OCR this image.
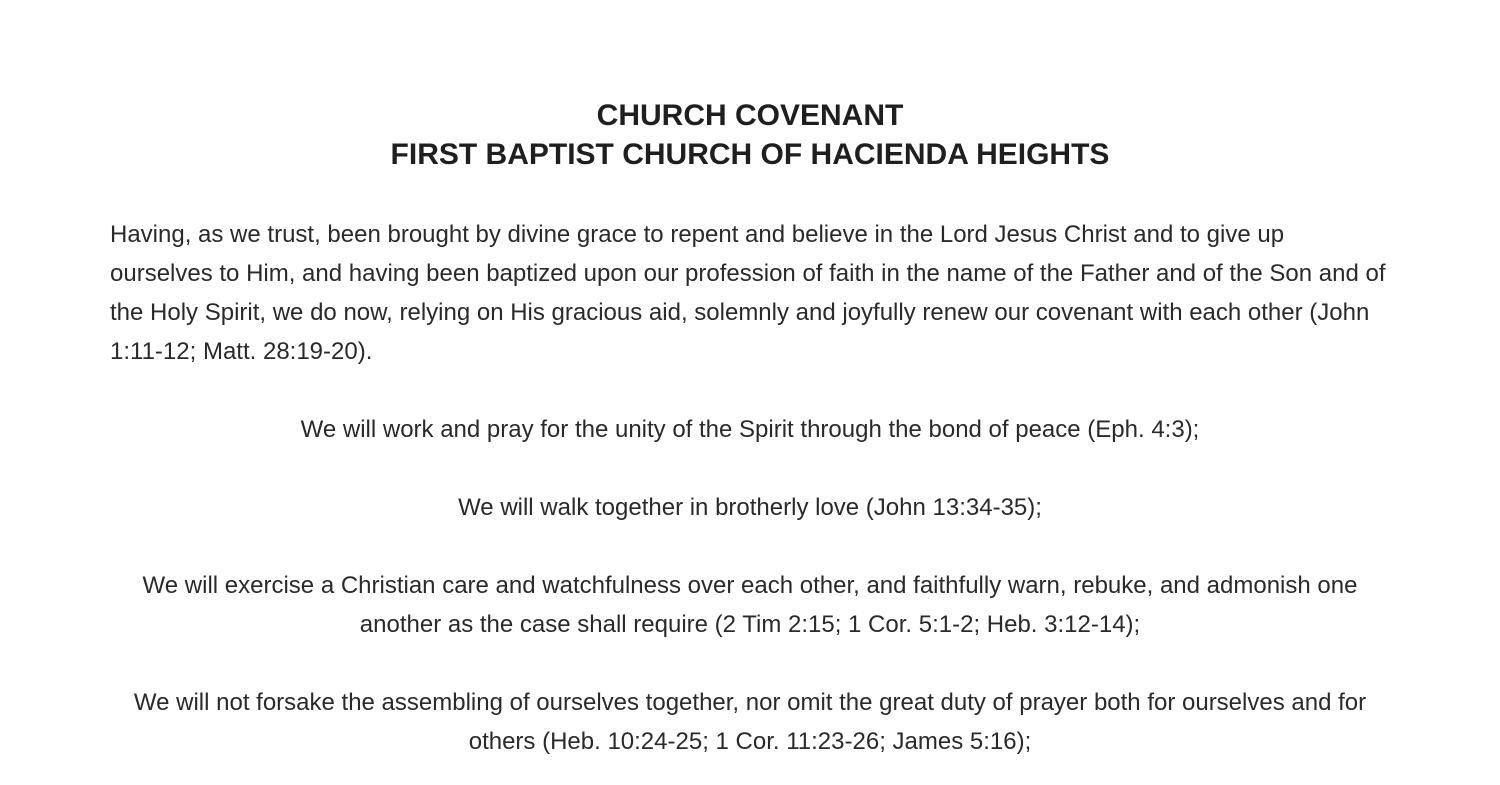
CHURCH COVENANT
FIRST BAPTIST CHURCH OF HACIENDA HEIGHTS

Having, as we trust, been brought by divine grace to repent and believe in the Lord Jesus Christ and to give up ourselves to Him, and having been baptized upon our profession of faith in the name of the Father and of the Son and of the Holy Spirit, we do now, relying on His gracious aid, solemnly and joyfully renew our covenant with each other (John 1:11-12; Matt. 28:19-20).

We will work and pray for the unity of the Spirit through the bond of peace (Eph. 4:3);

We will walk together in brotherly love (John 13:34-35);

We will exercise a Christian care and watchfulness over each other, and faithfully warn, rebuke, and admonish one another as the case shall require (2 Tim 2:15; 1 Cor. 5:1-2; Heb. 3:12-14);

We will not forsake the assembling of ourselves together, nor omit the great duty of prayer both for ourselves and for others (Heb. 10:24-25; 1 Cor. 11:23-26; James 5:16);
